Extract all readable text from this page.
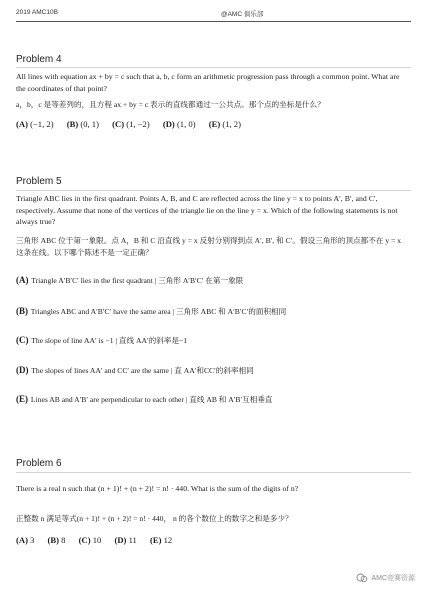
2019 AMC10B	@AMC 俱乐部
Problem 4
All lines with equation ax + by = c such that a, b, c form an arithmetic progression pass through a common point. What are the coordinates of that point?
a，b，c 是等差列的，且方程 ax + by = c 表示的直线都通过一公共点。那个点的坐标是什么？
(A) (−1, 2) (B) (0, 1) (C) (1, −2) (D) (1, 0) (E) (1, 2)
Problem 5
Triangle ABC lies in the first quadrant. Points A, B, and C are reflected across the line y = x to points A′, B′, and C′, respectively. Assume that none of the vertices of the triangle lie on the line y = x. Which of the following statements is not always true?
三角形 ABC 位于第一象限。点 A，B 和 C 沿直线 y = x 反射分别得到点 A′, B′, 和 C′。假设三角形的顶点都不在 y = x 这条在线。以下哪个陈述不是一定正确？
(A) Triangle A′B′C′ lies in the first quadrant | 三角形 A′B′C′ 在第一象限
(B) Triangles ABC and A′B′C′ have the same area | 三角形 ABC 和 A′B′C′的面积相同
(C) The slope of line AA′ is −1 | 直线 AA′的斜率是−1
(D) The slopes of lines AA′ and CC′ are the same | 直 AA′和CC′的斜率相同
(E) Lines AB and A′B′ are perpendicular to each other | 直线 AB 和 A′B′互相垂直
Problem 6
There is a real n such that (n + 1)! + (n + 2)! = n! · 440. What is the sum of the digits of n?
正整数 n 满足等式(n + 1)! + (n + 2)! = n! · 440， n 的各个数位上的数字之和是多少？
(A) 3 (B) 8 (C) 10 (D) 11 (E) 12
AMC竞赛资源
